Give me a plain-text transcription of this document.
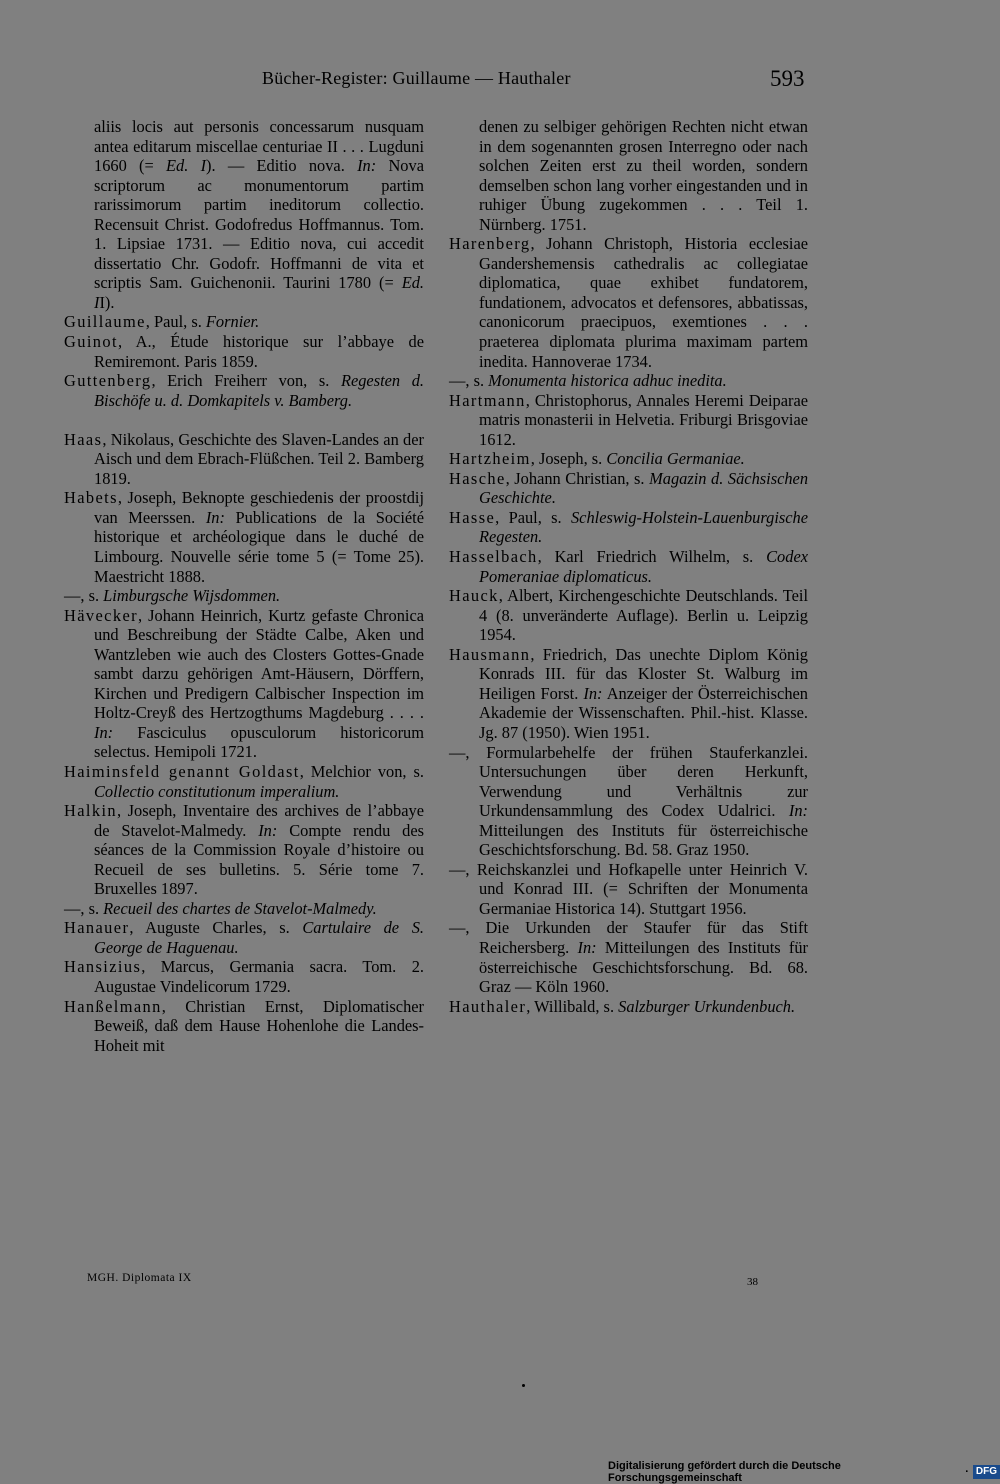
Bücher-Register: Guillaume — Hauthaler	593
aliis locis aut personis concessarum nusquam antea editarum miscellae centuriae II . . . Lugduni 1660 (= Ed. I). — Editio nova. In: Nova scriptorum ac monumentorum partim rarissimorum partim ineditorum collectio. Recensuit Christ. Godofredus Hoffmannus. Tom. 1. Lipsiae 1731. — Editio nova, cui accedit dissertatio Chr. Godofr. Hoffmanni de vita et scriptis Sam. Guichenonii. Taurini 1780 (= Ed. II).
Guillaume, Paul, s. Fornier.
Guinot, A., Étude historique sur l’abbaye de Remiremont. Paris 1859.
Guttenberg, Erich Freiherr von, s. Regesten d. Bischöfe u. d. Domkapitels v. Bamberg.
Haas, Nikolaus, Geschichte des Slaven-Landes an der Aisch und dem Ebrach-Flüßchen. Teil 2. Bamberg 1819.
Habets, Joseph, Beknopte geschiedenis der proostdij van Meerssen. In: Publications de la Société historique et archéologique dans le duché de Limbourg. Nouvelle série tome 5 (= Tome 25). Maestricht 1888.
—, s. Limburgsche Wijsdommen.
Hävecker, Johann Heinrich, Kurtz gefaste Chronica und Beschreibung der Städte Calbe, Aken und Wantzleben wie auch des Closters Gottes-Gnade sambt darzu gehörigen Amt-Häusern, Dörffern, Kirchen und Predigern Calbischer Inspection im Holtz-Creyß des Hertzogthums Magdeburg . . . . In: Fasciculus opusculorum historicorum selectus. Hemipoli 1721.
Haiminsfeld genannt Goldast, Melchior von, s. Collectio constitutionum imperalium.
Halkin, Joseph, Inventaire des archives de l’abbaye de Stavelot-Malmedy. In: Compte rendu des séances de la Commission Royale d’histoire ou Recueil de ses bulletins. 5. Série tome 7. Bruxelles 1897.
—, s. Recueil des chartes de Stavelot-Malmedy.
Hanauer, Auguste Charles, s. Cartulaire de S. George de Haguenau.
Hansizius, Marcus, Germania sacra. Tom. 2. Augustae Vindelicorum 1729.
Hanßelmann, Christian Ernst, Diplomatischer Beweiß, daß dem Hause Hohenlohe die Landes-Hoheit mit
denen zu selbiger gehörigen Rechten nicht etwan in dem sogenannten grosen Interregno oder nach solchen Zeiten erst zu theil worden, sondern demselben schon lang vorher eingestanden und in ruhiger Übung zugekommen . . . Teil 1. Nürnberg. 1751.
Harenberg, Johann Christoph, Historia ecclesiae Gandershemensis cathedralis ac collegiatae diplomatica, quae exhibet fundatorem, fundationem, advocatos et defensores, abbatissas, canonicorum praecipuos, exemtiones . . . praeterea diplomata plurima maximam partem inedita. Hannoverae 1734.
—, s. Monumenta historica adhuc inedita.
Hartmann, Christophorus, Annales Heremi Deiparae matris monasterii in Helvetia. Friburgi Brisgoviae 1612.
Hartzheim, Joseph, s. Concilia Germaniae.
Hasche, Johann Christian, s. Magazin d. Sächsischen Geschichte.
Hasse, Paul, s. Schleswig-Holstein-Lauenburgische Regesten.
Hasselbach, Karl Friedrich Wilhelm, s. Codex Pomeraniae diplomaticus.
Hauck, Albert, Kirchengeschichte Deutschlands. Teil 4 (8. unveränderte Auflage). Berlin u. Leipzig 1954.
Hausmann, Friedrich, Das unechte Diplom König Konrads III. für das Kloster St. Walburg im Heiligen Forst. In: Anzeiger der Österreichischen Akademie der Wissenschaften. Phil.-hist. Klasse. Jg. 87 (1950). Wien 1951.
—, Formularbehelfe der frühen Stauferkanzlei. Untersuchungen über deren Herkunft, Verwendung und Verhältnis zur Urkundensammlung des Codex Udalrici. In: Mitteilungen des Instituts für österreichische Geschichtsforschung. Bd. 58. Graz 1950.
—, Reichskanzlei und Hofkapelle unter Heinrich V. und Konrad III. (= Schriften der Monumenta Germaniae Historica 14). Stuttgart 1956.
—, Die Urkunden der Staufer für das Stift Reichersberg. In: Mitteilungen des Instituts für österreichische Geschichtsforschung. Bd. 68. Graz — Köln 1960.
Hauthaler, Willibald, s. Salzburger Urkundenbuch.
MGH. Diplomata IX	38
Digitalisierung gefördert durch die Deutsche Forschungsgemeinschaft	· DFG
